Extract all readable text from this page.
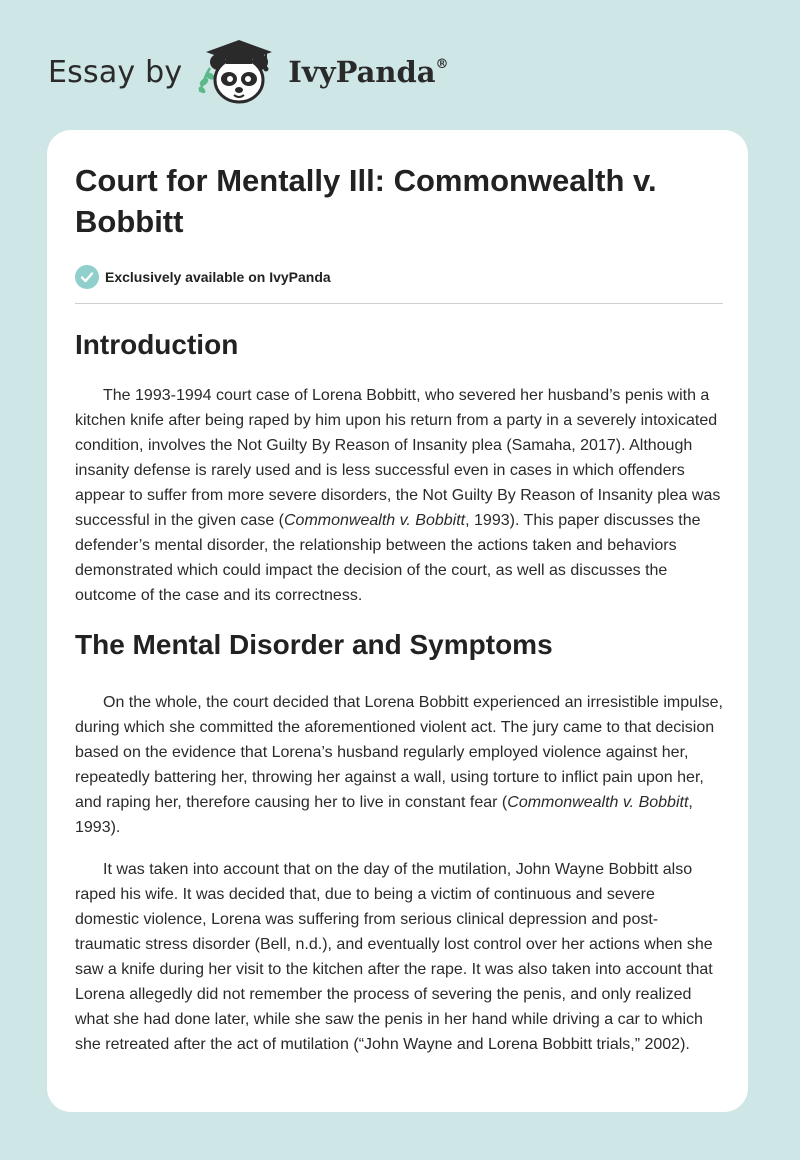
Essay by	IvyPanda®
Court for Mentally Ill: Commonwealth v. Bobbitt
Exclusively available on IvyPanda
Introduction

The 1993-1994 court case of Lorena Bobbitt, who severed her husband’s penis with a kitchen knife after being raped by him upon his return from a party in a severely intoxicated condition, involves the Not Guilty By Reason of Insanity plea (Samaha, 2017). Although insanity defense is rarely used and is less successful even in cases in which offenders appear to suffer from more severe disorders, the Not Guilty By Reason of Insanity plea was successful in the given case (Commonwealth v. Bobbitt, 1993). This paper discusses the defender’s mental disorder, the relationship between the actions taken and behaviors demonstrated which could impact the decision of the court, as well as discusses the outcome of the case and its correctness.

The Mental Disorder and Symptoms

On the whole, the court decided that Lorena Bobbitt experienced an irresistible impulse, during which she committed the aforementioned violent act. The jury came to that decision based on the evidence that Lorena’s husband regularly employed violence against her, repeatedly battering her, throwing her against a wall, using torture to inflict pain upon her, and raping her, therefore causing her to live in constant fear (Commonwealth v. Bobbitt, 1993).

It was taken into account that on the day of the mutilation, John Wayne Bobbitt also raped his wife. It was decided that, due to being a victim of continuous and severe domestic violence, Lorena was suffering from serious clinical depression and post-traumatic stress disorder (Bell, n.d.), and eventually lost control over her actions when she saw a knife during her visit to the kitchen after the rape. It was also taken into account that Lorena allegedly did not remember the process of severing the penis, and only realized what she had done later, while she saw the penis in her hand while driving a car to which she retreated after the act of mutilation (“John Wayne and Lorena Bobbitt trials,” 2002).
